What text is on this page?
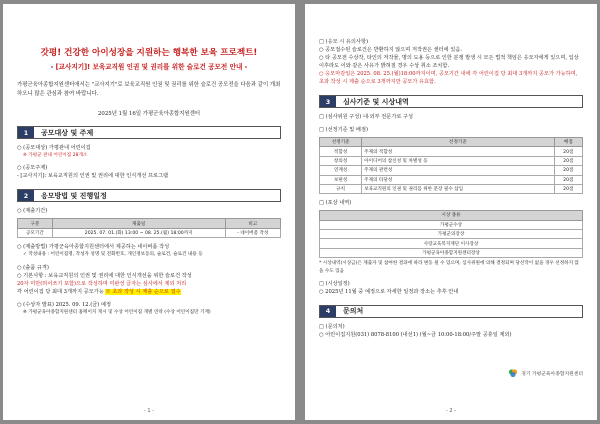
갓평! 건강한 아이성장을 지원하는 행복한 보육 프로젝트!
- [교사지기]! 보육교직원 인권 및 권리를 위한 슬로건 공모전 안내 -
가평군육아종합지원센터에서는 "교사지기"로 보육교직원 인권 및 권리를 위한 슬로건 공모전을 다음과 같이 개최하오니 많은 관심과 참여 바랍니다.
2025년 1월 16일 가평군육아종합지원센터
1	공모대상 및 주제
○ (공모대상) 가평관내 어린이집
※ 가평군 관내 어린이집 28개소
○ (공모주제)
- [교사지기]: 보육교직원의 인권 및 권리에 대한 인식개선 프로그램
2	응모방법 및 진행일정
○ (제출기간)
구분	제출일	비고
공모기간	2025. 07. 01.(화) 13:00 ~ 08. 25.(월) 18:00까지	- 네이버폼 작성
○ (제출방법) 가평군육아종합지원센터에서 제공하는 네이버폼 작성
✓ 작성내용 : 어린이집명, 작성자 성명 및 전화번호, 개인정보동의, 슬로건, 슬로건 내용 등
○ (출품 규격)
○ 기본사항 : 보육교직원의 인권 및 권리에 대한 인식개선을 위한 슬로건 작성
20자 미만(띄어쓰기 포함)으로 작성하며 미완성 글자는 심사에서 제외 처리
각 어린이집 당 최대 3개까지 공모가능 ※ 초과 작성 시 제출 순으로 접수
○ (수상자 발표) 2025. 09. 12.(금) 예정
※ 가평군육아종합지원센터 홈페이지 게시 및 수상 어린이집 개별 연락 (수상 어린이집만 기재)
- 1 -
□ (응모 시 유의사항)
○ 공모접수된 슬로건은 반환하지 않으며 저작권은 센터에 있음.
○ 타 공모전 수상작, 타인의 저작물, 명의 도용 등으로 인한 분쟁 발생 시 모든 법적 책임은 응모자에게 있으며, 입상 이후라도 이와 같은 사유가 밝혀질 경우 수상 취소 조치함.
○ 응모마감일은 2025. 08. 25.(월)18:00까지이며, 공모기간 내에 각 어린이집 당 최대 3개까지 공모가 가능하며, 초과 작성 시 제출 순으로 3개까지만 공모가 유효함.
3	심사기준 및 시상내역
□ (심사위원 구성) 내·외부 전문가로 구성
□ (선정기준 및 배점)
선정기준	선정기준	배점
적합성	주제의 적합성	20점
창의성	아이디어의 참신성 및 차별성 등	20점
연계성	주제의 관련성	20점
보편성	주제의 타당성	20점
규칙	보육교직원의 인권 및 권리를 위한 문장 필수 삽입	20점
□ (포상 내역)
시상 종류
가평군수상
가평군의장상
사랑교육복지재단 이사장상
가평군육아종합지원센터장상
* 시상내역(시상금)은 제출자 및 참여한 결과에 따라 변동 될 수 있으며, 심사위원에 의해 결정되며 당선작이 없을 경우 선정하지 않을 수도 있음
□ (시상일정)
○ 2025년 11월 중 예정으로 자세한 일정과 장소는 추후 안내
4	문의처
□ (문의처)
○ 어린이집지원(031) 8078-8100 (내선1) (월~금 10:00-18:00/주말 공휴일 제외)
경기 가평군육아종합지원센터
- 2 -
